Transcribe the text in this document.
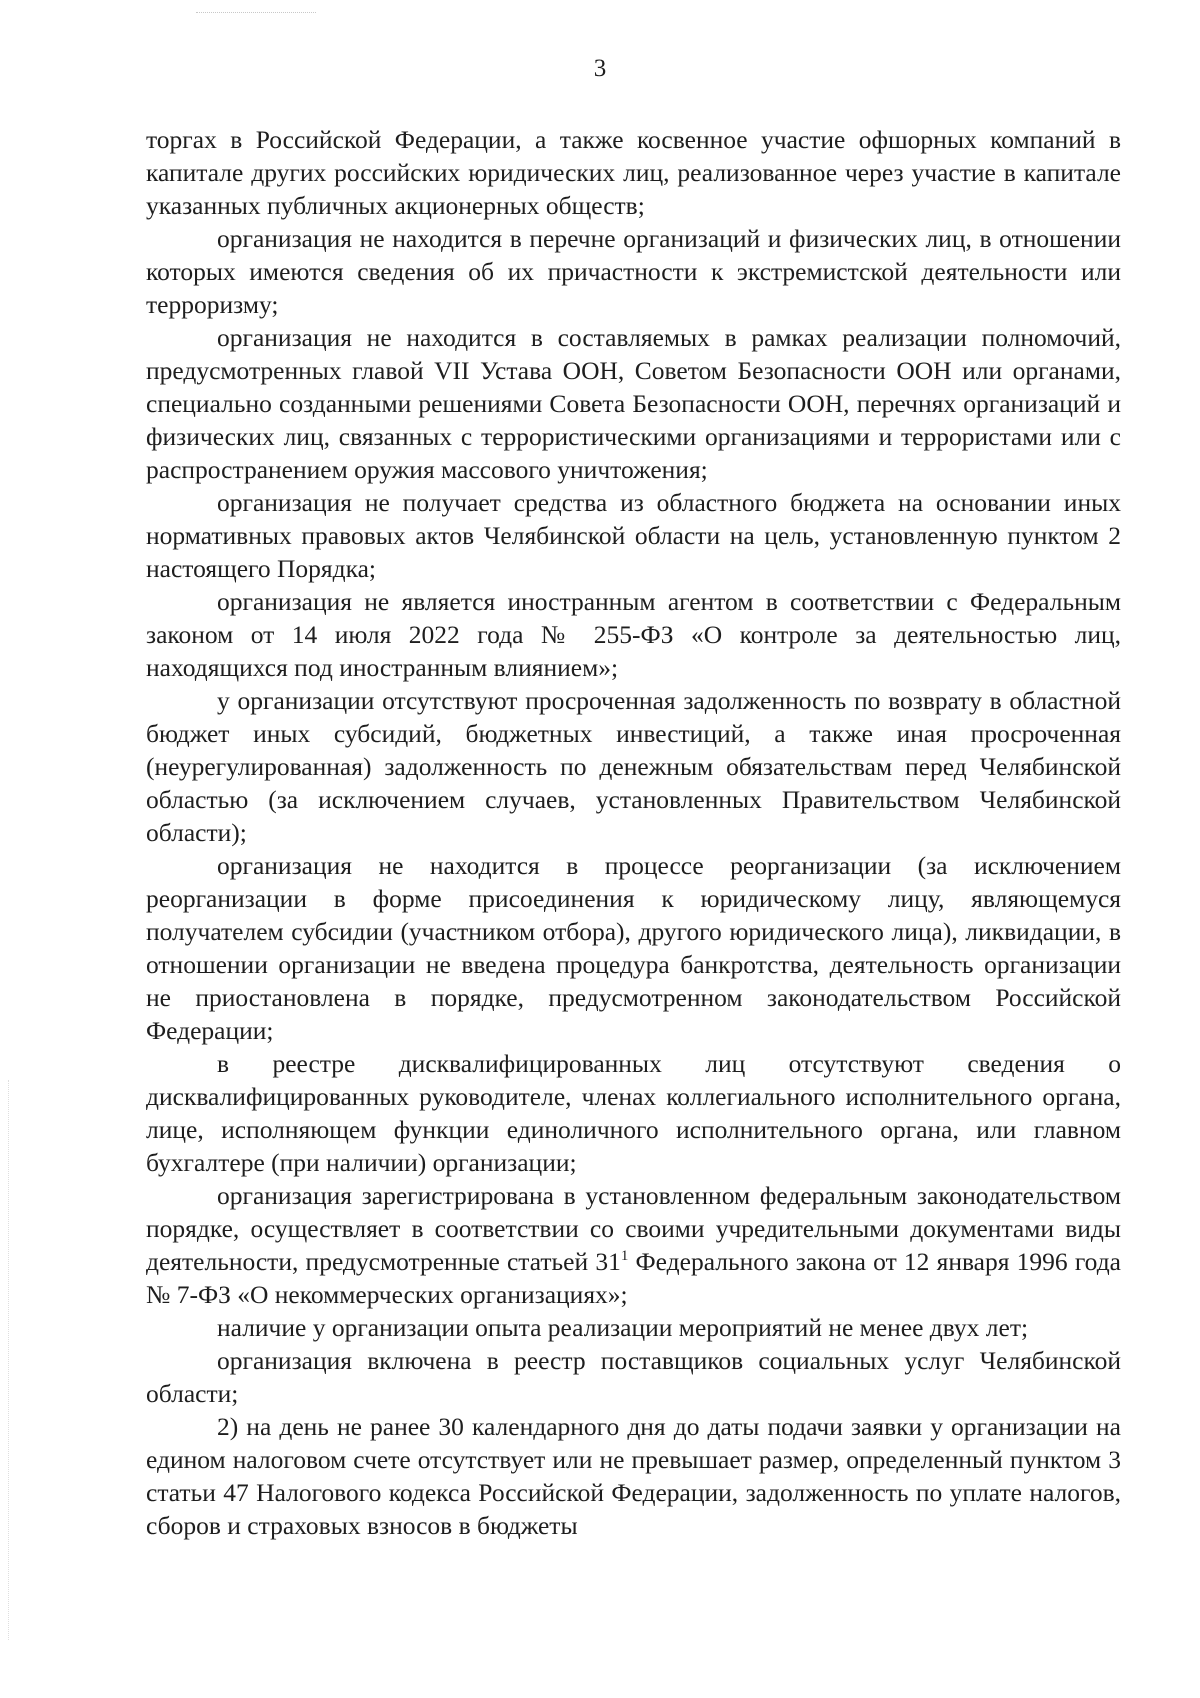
3

торгах в Российской Федерации, а также косвенное участие офшорных компаний в капитале других российских юридических лиц, реализованное через участие в капитале указанных публичных акционерных обществ;

организация не находится в перечне организаций и физических лиц, в отношении которых имеются сведения об их причастности к экстремистской деятельности или терроризму;

организация не находится в составляемых в рамках реализации полномочий, предусмотренных главой VII Устава ООН, Советом Безопасности ООН или органами, специально созданными решениями Совета Безопасности ООН, перечнях организаций и физических лиц, связанных с террористическими организациями и террористами или с распространением оружия массового уничтожения;

организация не получает средства из областного бюджета на основании иных нормативных правовых актов Челябинской области на цель, установленную пунктом 2 настоящего Порядка;

организация не является иностранным агентом в соответствии с Федеральным законом от 14 июля 2022 года № 255-ФЗ «О контроле за деятельностью лиц, находящихся под иностранным влиянием»;

у организации отсутствуют просроченная задолженность по возврату в областной бюджет иных субсидий, бюджетных инвестиций, а также иная просроченная (неурегулированная) задолженность по денежным обязательствам перед Челябинской областью (за исключением случаев, установленных Правительством Челябинской области);

организация не находится в процессе реорганизации (за исключением реорганизации в форме присоединения к юридическому лицу, являющемуся получателем субсидии (участником отбора), другого юридического лица), ликвидации, в отношении организации не введена процедура банкротства, деятельность организации не приостановлена в порядке, предусмотренном законодательством Российской Федерации;

в реестре дисквалифицированных лиц отсутствуют сведения о дисквалифицированных руководителе, членах коллегиального исполнительного органа, лице, исполняющем функции единоличного исполнительного органа, или главном бухгалтере (при наличии) организации;

организация зарегистрирована в установленном федеральным законодательством порядке, осуществляет в соответствии со своими учредительными документами виды деятельности, предусмотренные статьей $31^1$ Федерального закона от 12 января 1996 года № 7-ФЗ «О некоммерческих организациях»;

наличие у организации опыта реализации мероприятий не менее двух лет;

организация включена в реестр поставщиков социальных услуг Челябинской области;

2) на день не ранее 30 календарного дня до даты подачи заявки у организации на едином налоговом счете отсутствует или не превышает размер, определенный пунктом 3 статьи 47 Налогового кодекса Российской Федерации, задолженность по уплате налогов, сборов и страховых взносов в бюджеты
